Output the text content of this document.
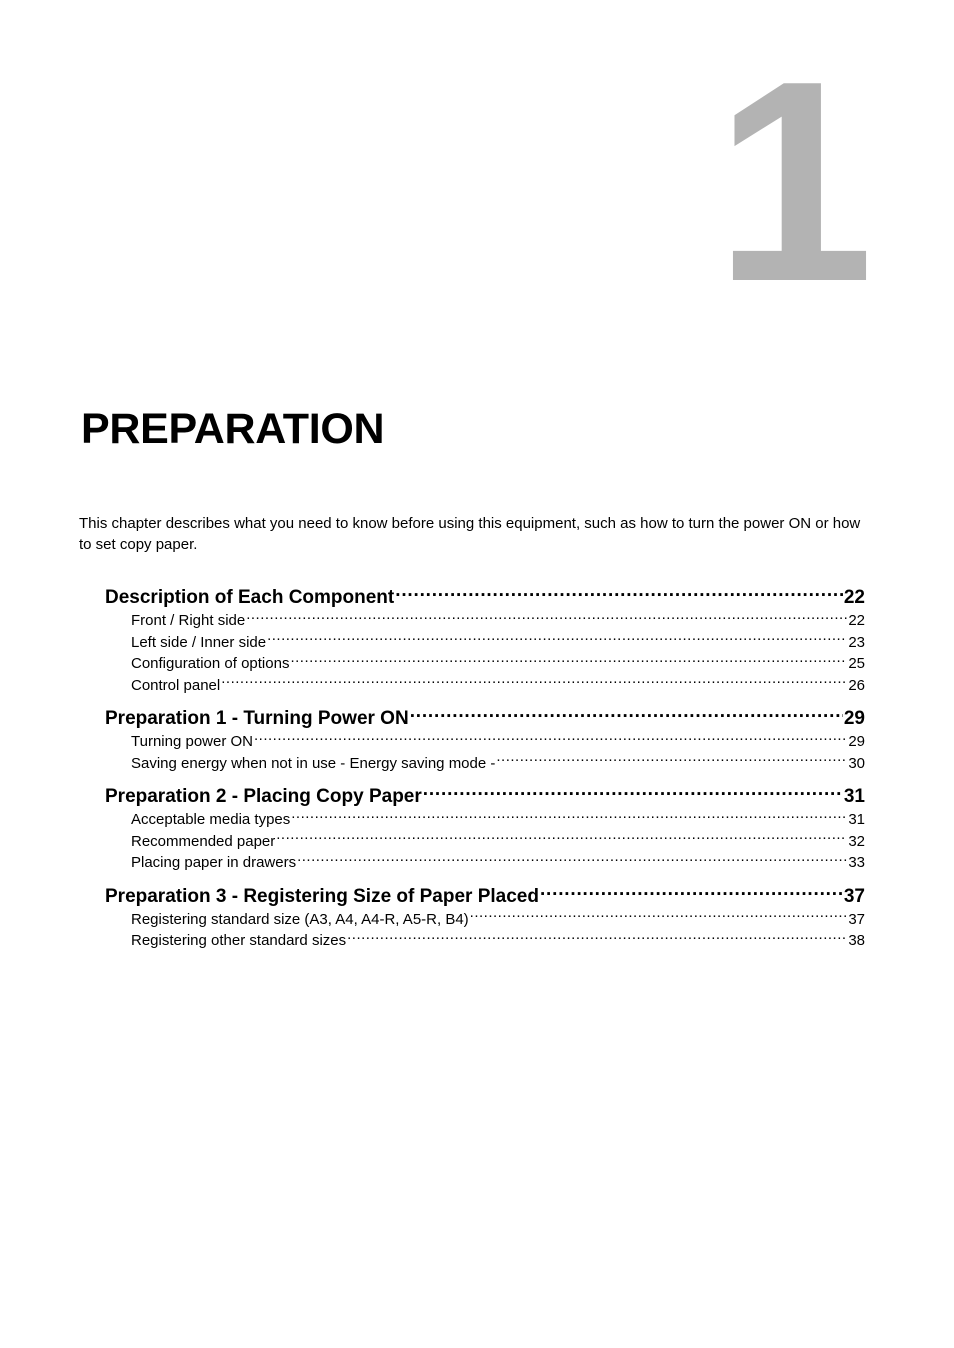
1
PREPARATION

This chapter describes what you need to know before using this equipment, such as how to turn the power ON or how to set copy paper.

Description of Each Component .....	22
Front / Right side .....	22
Left side / Inner side .....	23
Configuration of options .....	25
Control panel .....	26
Preparation 1 - Turning Power ON .....	29
Turning power ON .....	29
Saving energy when not in use - Energy saving mode - .....	30
Preparation 2 - Placing Copy Paper .....	31
Acceptable media types .....	31
Recommended paper .....	32
Placing paper in drawers .....	33
Preparation 3 - Registering Size of Paper Placed .....	37
Registering standard size (A3, A4, A4-R, A5-R, B4) .....	37
Registering other standard sizes .....	38
